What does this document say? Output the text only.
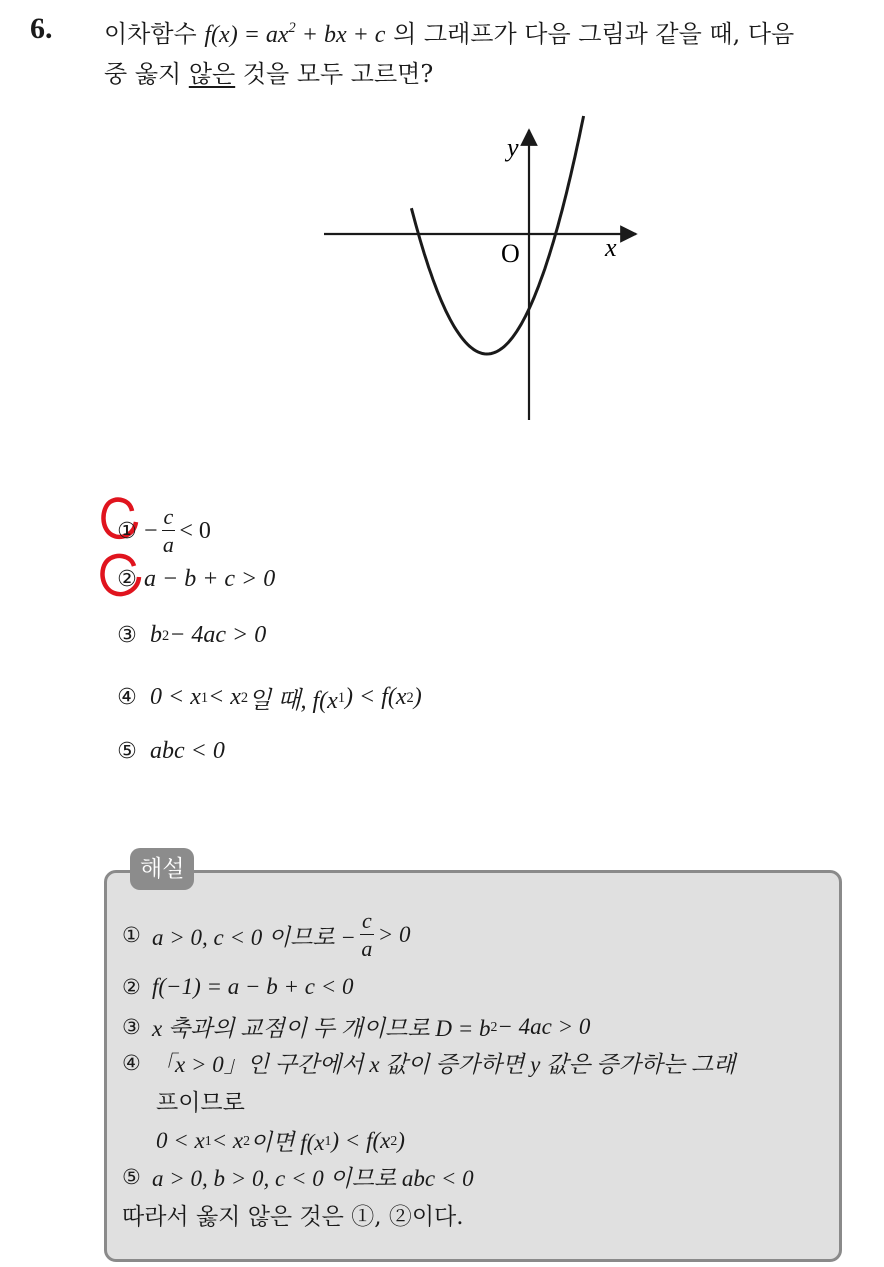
6. 이차함수 $f(x) = ax^2$ + bx + c 의 그래프가 다음 그림과 같을 때, 다음
중 옳지 않은 것을 모두 고르면?
y
x
O
① − $\frac{c}{a} < 0$
② a − b + c > 0
③ b 2 − 4ac > 0
④ 0 < x 1 < x 2 일 때, f(x 1 ) < f(x 2 )
⑤ abc < 0
해설
① a > 0, c < 0 이므로 − $\frac{c}{a} > 0$
② f(−1) = a − b + c < 0
③ x 축과의 교점이 두 개이므로 D = b 2 − 4ac > 0
④ 「x > 0」인 구간에서 x 값이 증가하면 y 값은 증가하는 그래
프이므로
0 < x 1 < x 2 이면 f(x 1 ) < f(x 2 )
⑤ a > 0, b > 0, c < 0 이므로 abc < 0
따라서 옳지 않은 것은 ①, ②이다.
